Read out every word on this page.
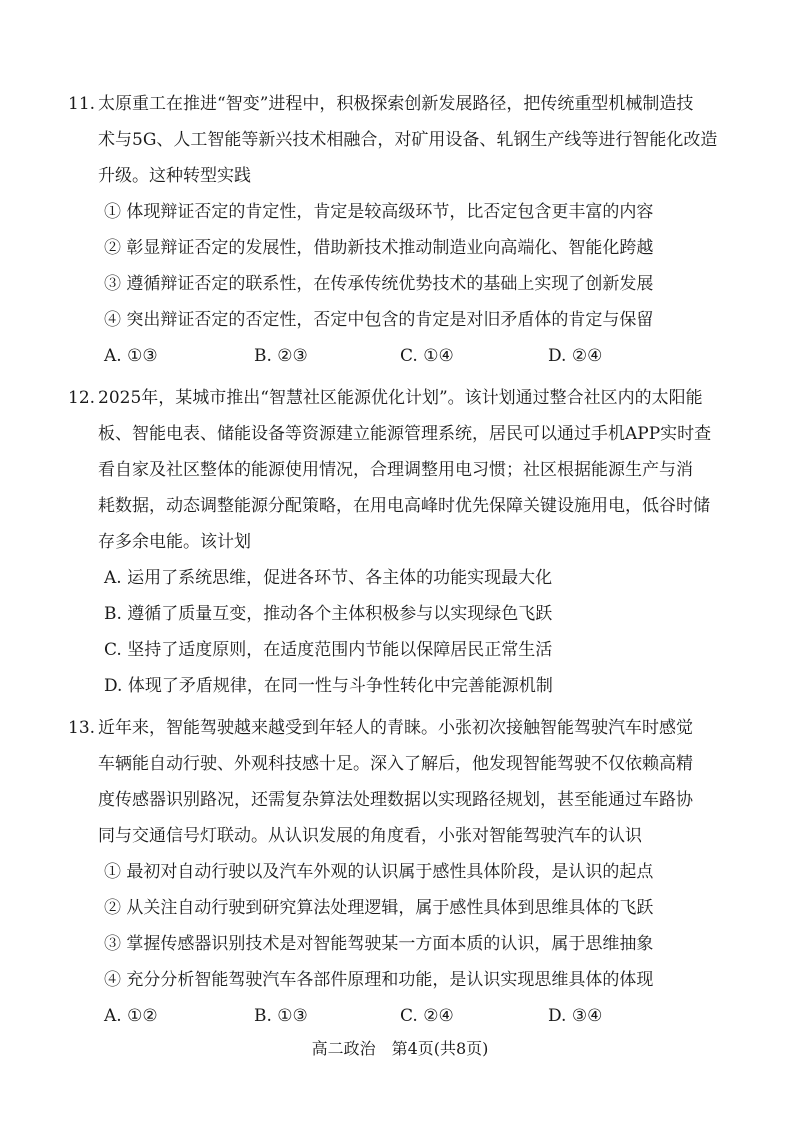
11. 太原重工在推进“智变”进程中，积极探索创新发展路径，把传统重型机械制造技
术与5G、人工智能等新兴技术相融合，对矿用设备、轧钢生产线等进行智能化改造
升级。这种转型实践
① 体现辩证否定的肯定性，肯定是较高级环节，比否定包含更丰富的内容
② 彰显辩证否定的发展性，借助新技术推动制造业向高端化、智能化跨越
③ 遵循辩证否定的联系性，在传承传统优势技术的基础上实现了创新发展
④ 突出辩证否定的否定性，否定中包含的肯定是对旧矛盾体的肯定与保留
A. ①③	B. ②③	C. ①④	D. ②④
12. 2025年，某城市推出“智慧社区能源优化计划”。该计划通过整合社区内的太阳能
板、智能电表、储能设备等资源建立能源管理系统，居民可以通过手机APP实时查
看自家及社区整体的能源使用情况，合理调整用电习惯；社区根据能源生产与消
耗数据，动态调整能源分配策略，在用电高峰时优先保障关键设施用电，低谷时储
存多余电能。该计划
A. 运用了系统思维，促进各环节、各主体的功能实现最大化
B. 遵循了质量互变，推动各个主体积极参与以实现绿色飞跃
C. 坚持了适度原则，在适度范围内节能以保障居民正常生活
D. 体现了矛盾规律，在同一性与斗争性转化中完善能源机制
13. 近年来，智能驾驶越来越受到年轻人的青睐。小张初次接触智能驾驶汽车时感觉
车辆能自动行驶、外观科技感十足。深入了解后，他发现智能驾驶不仅依赖高精
度传感器识别路况，还需复杂算法处理数据以实现路径规划，甚至能通过车路协
同与交通信号灯联动。从认识发展的角度看，小张对智能驾驶汽车的认识
① 最初对自动行驶以及汽车外观的认识属于感性具体阶段，是认识的起点
② 从关注自动行驶到研究算法处理逻辑，属于感性具体到思维具体的飞跃
③ 掌握传感器识别技术是对智能驾驶某一方面本质的认识，属于思维抽象
④ 充分分析智能驾驶汽车各部件原理和功能，是认识实现思维具体的体现
A. ①②	B. ①③	C. ②④	D. ③④
高二政治　第4页(共8页)
